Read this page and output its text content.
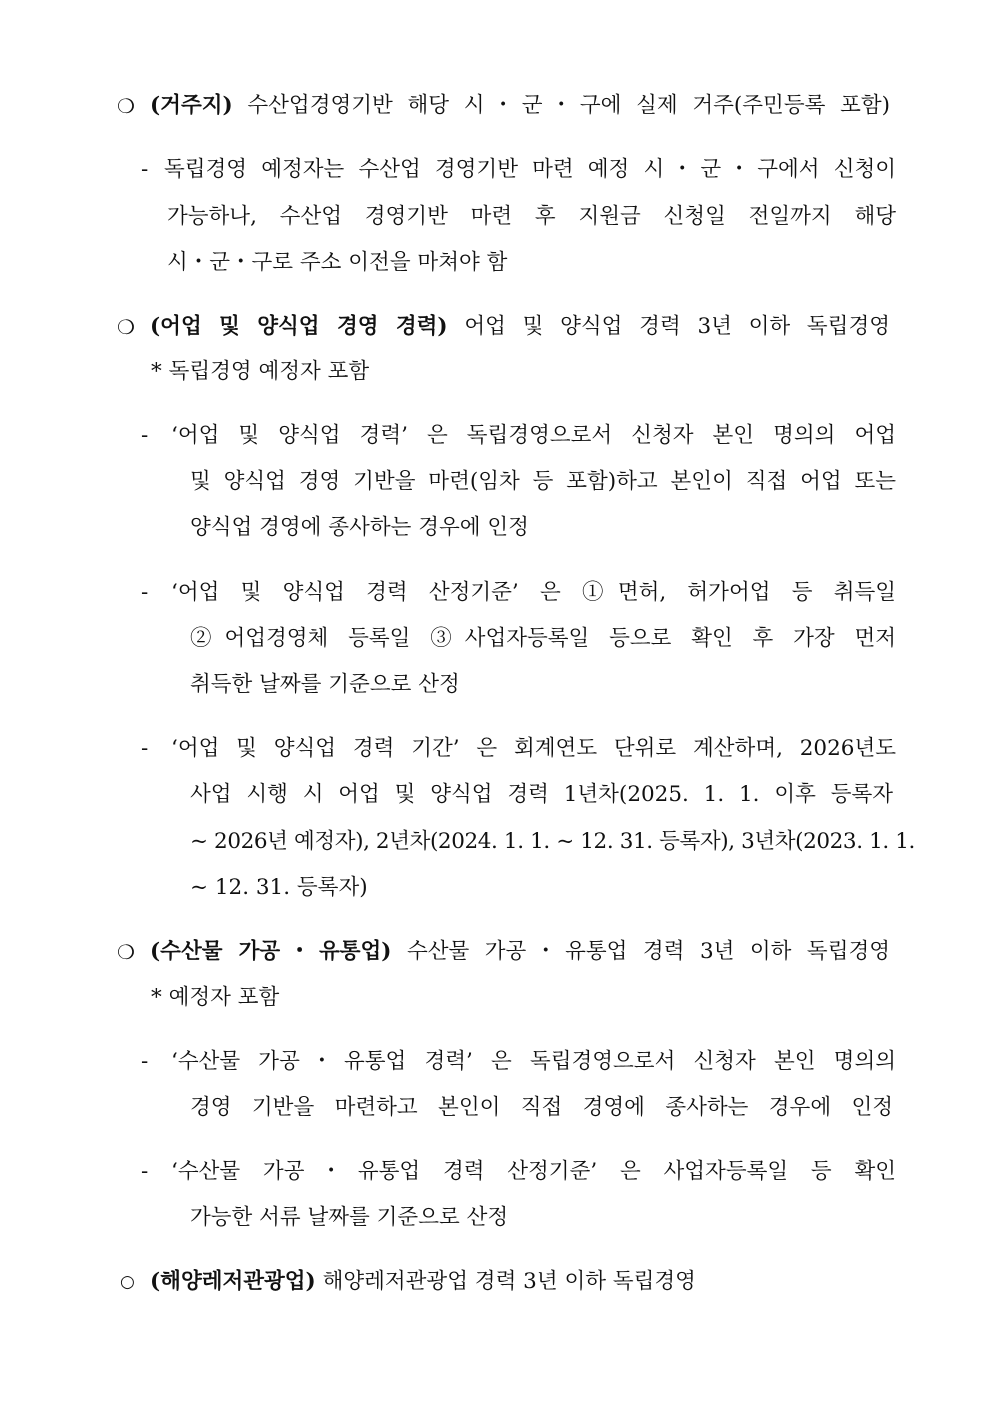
❍ (거주지) 수산업경영기반 해당 시・군・구에 실제 거주(주민등록 포함)
- 독립경영 예정자는 수산업 경영기반 마련 예정 시・군・구에서 신청이
가능하나, 수산업 경영기반 마련 후 지원금 신청일 전일까지 해당
시・군・구로 주소 이전을 마쳐야 함
❍ (어업 및 양식업 경영 경력) 어업 및 양식업 경력 3년 이하 독립경영
* 독립경영 예정자 포함
- ‘어업 및 양식업 경력’ 은 독립경영으로서 신청자 본인 명의의 어업
및 양식업 경영 기반을 마련(임차 등 포함)하고 본인이 직접 어업 또는
양식업 경영에 종사하는 경우에 인정
- ‘어업 및 양식업 경력 산정기준’ 은 ①면허, 허가어업 등 취득일
②어업경영체 등록일 ③사업자등록일 등으로 확인 후 가장 먼저
취득한 날짜를 기준으로 산정
- ‘어업 및 양식업 경력 기간’ 은 회계연도 단위로 계산하며, 2026년도
사업 시행 시 어업 및 양식업 경력 1년차(2025. 1. 1. 이후 등록자
~ 2026년 예정자), 2년차(2024. 1. 1. ~ 12. 31. 등록자), 3년차(2023. 1. 1.
~ 12. 31. 등록자)
❍ (수산물 가공・유통업) 수산물 가공・유통업 경력 3년 이하 독립경영
* 예정자 포함
- ‘수산물 가공・유통업 경력’ 은 독립경영으로서 신청자 본인 명의의
경영 기반을 마련하고 본인이 직접 경영에 종사하는 경우에 인정
- ‘수산물 가공・유통업 경력 산정기준’ 은 사업자등록일 등 확인
가능한 서류 날짜를 기준으로 산정
○ (해양레저관광업) 해양레저관광업 경력 3년 이하 독립경영
